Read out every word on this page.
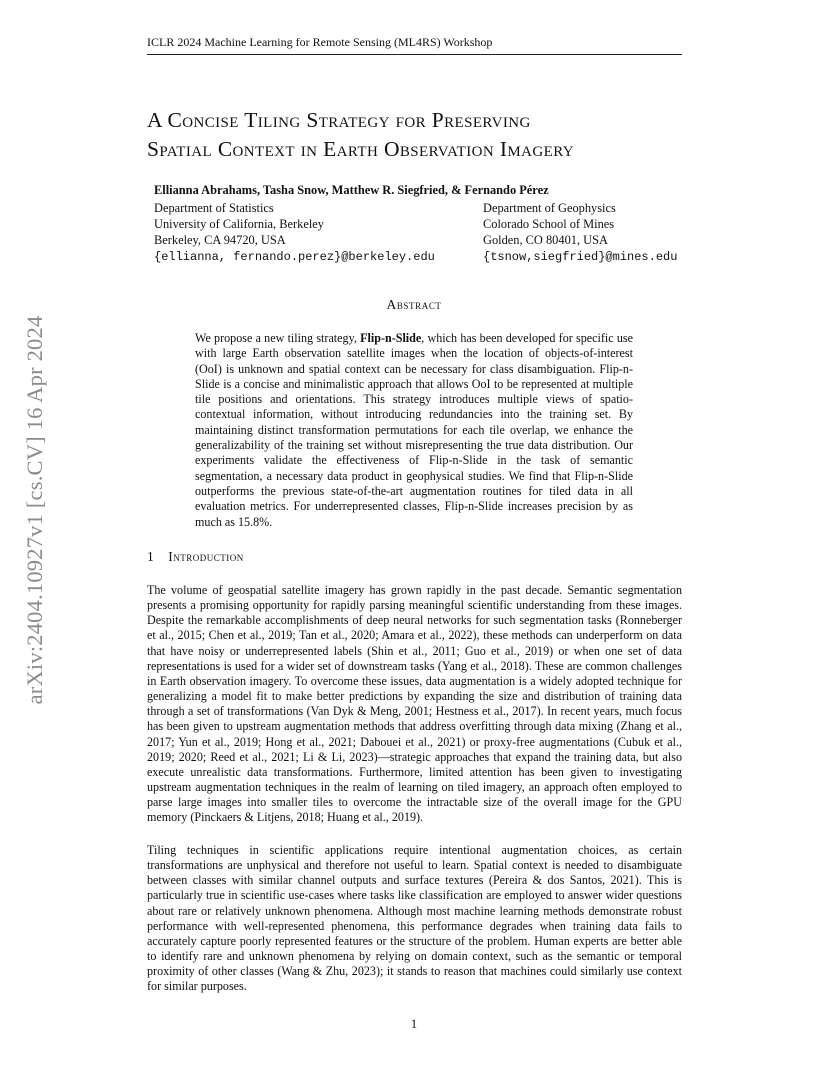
arXiv:2404.10927v1 [cs.CV] 16 Apr 2024
ICLR 2024 Machine Learning for Remote Sensing (ML4RS) Workshop
A Concise Tiling Strategy for Preserving
Spatial Context in Earth Observation Imagery
Ellianna Abrahams, Tasha Snow, Matthew R. Siegfried, & Fernando Pérez
Department of Statistics
University of California, Berkeley
Berkeley, CA 94720, USA
{ellianna, fernando.perez}@berkeley.edu
Department of Geophysics
Colorado School of Mines
Golden, CO 80401, USA
{tsnow,siegfried}@mines.edu
Abstract

We propose a new tiling strategy, Flip-n-Slide, which has been developed for specific use with large Earth observation satellite images when the location of objects-of-interest (OoI) is unknown and spatial context can be necessary for class disambiguation. Flip-n-Slide is a concise and minimalistic approach that allows OoI to be represented at multiple tile positions and orientations. This strategy introduces multiple views of spatio-contextual information, without introducing redundancies into the training set. By maintaining distinct transformation permutations for each tile overlap, we enhance the generalizability of the training set without misrepresenting the true data distribution. Our experiments validate the effectiveness of Flip-n-Slide in the task of semantic segmentation, a necessary data product in geophysical studies. We find that Flip-n-Slide outperforms the previous state-of-the-art augmentation routines for tiled data in all evaluation metrics. For underrepresented classes, Flip-n-Slide increases precision by as much as 15.8%.

1 Introduction

The volume of geospatial satellite imagery has grown rapidly in the past decade. Semantic segmentation presents a promising opportunity for rapidly parsing meaningful scientific understanding from these images. Despite the remarkable accomplishments of deep neural networks for such segmentation tasks (Ronneberger et al., 2015; Chen et al., 2019; Tan et al., 2020; Amara et al., 2022), these methods can underperform on data that have noisy or underrepresented labels (Shin et al., 2011; Guo et al., 2019) or when one set of data representations is used for a wider set of downstream tasks (Yang et al., 2018). These are common challenges in Earth observation imagery. To overcome these issues, data augmentation is a widely adopted technique for generalizing a model fit to make better predictions by expanding the size and distribution of training data through a set of transformations (Van Dyk & Meng, 2001; Hestness et al., 2017). In recent years, much focus has been given to upstream augmentation methods that address overfitting through data mixing (Zhang et al., 2017; Yun et al., 2019; Hong et al., 2021; Dabouei et al., 2021) or proxy-free augmentations (Cubuk et al., 2019; 2020; Reed et al., 2021; Li & Li, 2023)—strategic approaches that expand the training data, but also execute unrealistic data transformations. Furthermore, limited attention has been given to investigating upstream augmentation techniques in the realm of learning on tiled imagery, an approach often employed to parse large images into smaller tiles to overcome the intractable size of the overall image for the GPU memory (Pinckaers & Litjens, 2018; Huang et al., 2019).

Tiling techniques in scientific applications require intentional augmentation choices, as certain transformations are unphysical and therefore not useful to learn. Spatial context is needed to disambiguate between classes with similar channel outputs and surface textures (Pereira & dos Santos, 2021). This is particularly true in scientific use-cases where tasks like classification are employed to answer wider questions about rare or relatively unknown phenomena. Although most machine learning methods demonstrate robust performance with well-represented phenomena, this performance degrades when training data fails to accurately capture poorly represented features or the structure of the problem. Human experts are better able to identify rare and unknown phenomena by relying on domain context, such as the semantic or temporal proximity of other classes (Wang & Zhu, 2023); it stands to reason that machines could similarly use context for similar purposes.

1
